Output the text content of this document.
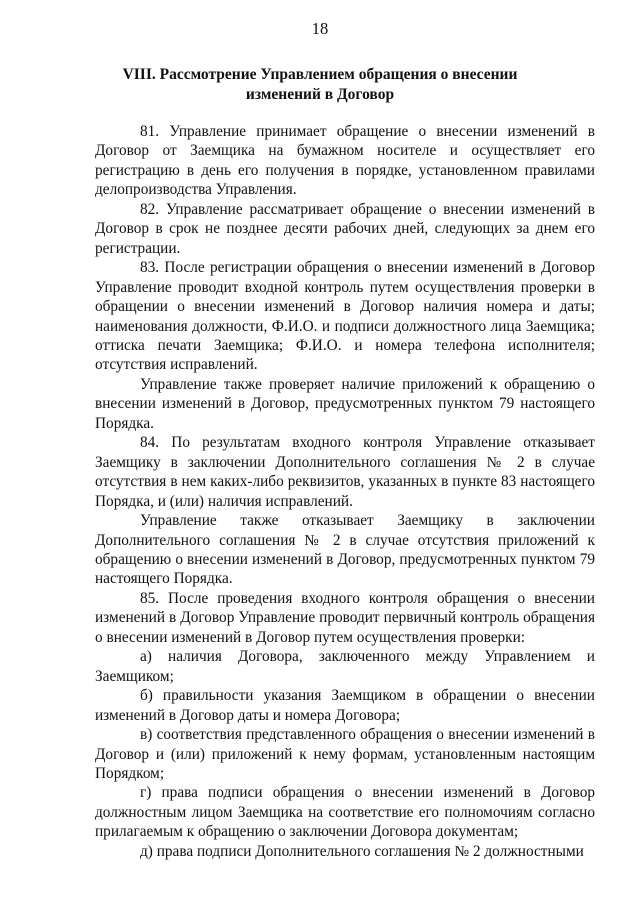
18
VIII. Рассмотрение Управлением обращения о внесении
изменений в Договор

81. Управление принимает обращение о внесении изменений в Договор от Заемщика на бумажном носителе и осуществляет его регистрацию в день его получения в порядке, установленном правилами делопроизводства Управления.

82. Управление рассматривает обращение о внесении изменений в Договор в срок не позднее десяти рабочих дней, следующих за днем его регистрации.

83. После регистрации обращения о внесении изменений в Договор Управление проводит входной контроль путем осуществления проверки в обращении о внесении изменений в Договор наличия номера и даты; наименования должности, Ф.И.О. и подписи должностного лица Заемщика; оттиска печати Заемщика; Ф.И.О. и номера телефона исполнителя; отсутствия исправлений.

Управление также проверяет наличие приложений к обращению о внесении изменений в Договор, предусмотренных пунктом 79 настоящего Порядка.

84. По результатам входного контроля Управление отказывает Заемщику в заключении Дополнительного соглашения № 2 в случае отсутствия в нем каких-либо реквизитов, указанных в пункте 83 настоящего Порядка, и (или) наличия исправлений.

Управление также отказывает Заемщику в заключении Дополнительного соглашения № 2 в случае отсутствия приложений к обращению о внесении изменений в Договор, предусмотренных пунктом 79 настоящего Порядка.

85. После проведения входного контроля обращения о внесении изменений в Договор Управление проводит первичный контроль обращения о внесении изменений в Договор путем осуществления проверки:

а) наличия Договора, заключенного между Управлением и Заемщиком;

б) правильности указания Заемщиком в обращении о внесении изменений в Договор даты и номера Договора;

в) соответствия представленного обращения о внесении изменений в Договор и (или) приложений к нему формам, установленным настоящим Порядком;

г) права подписи обращения о внесении изменений в Договор должностным лицом Заемщика на соответствие его полномочиям согласно прилагаемым к обращению о заключении Договора документам;

д) права подписи Дополнительного соглашения № 2 должностными
